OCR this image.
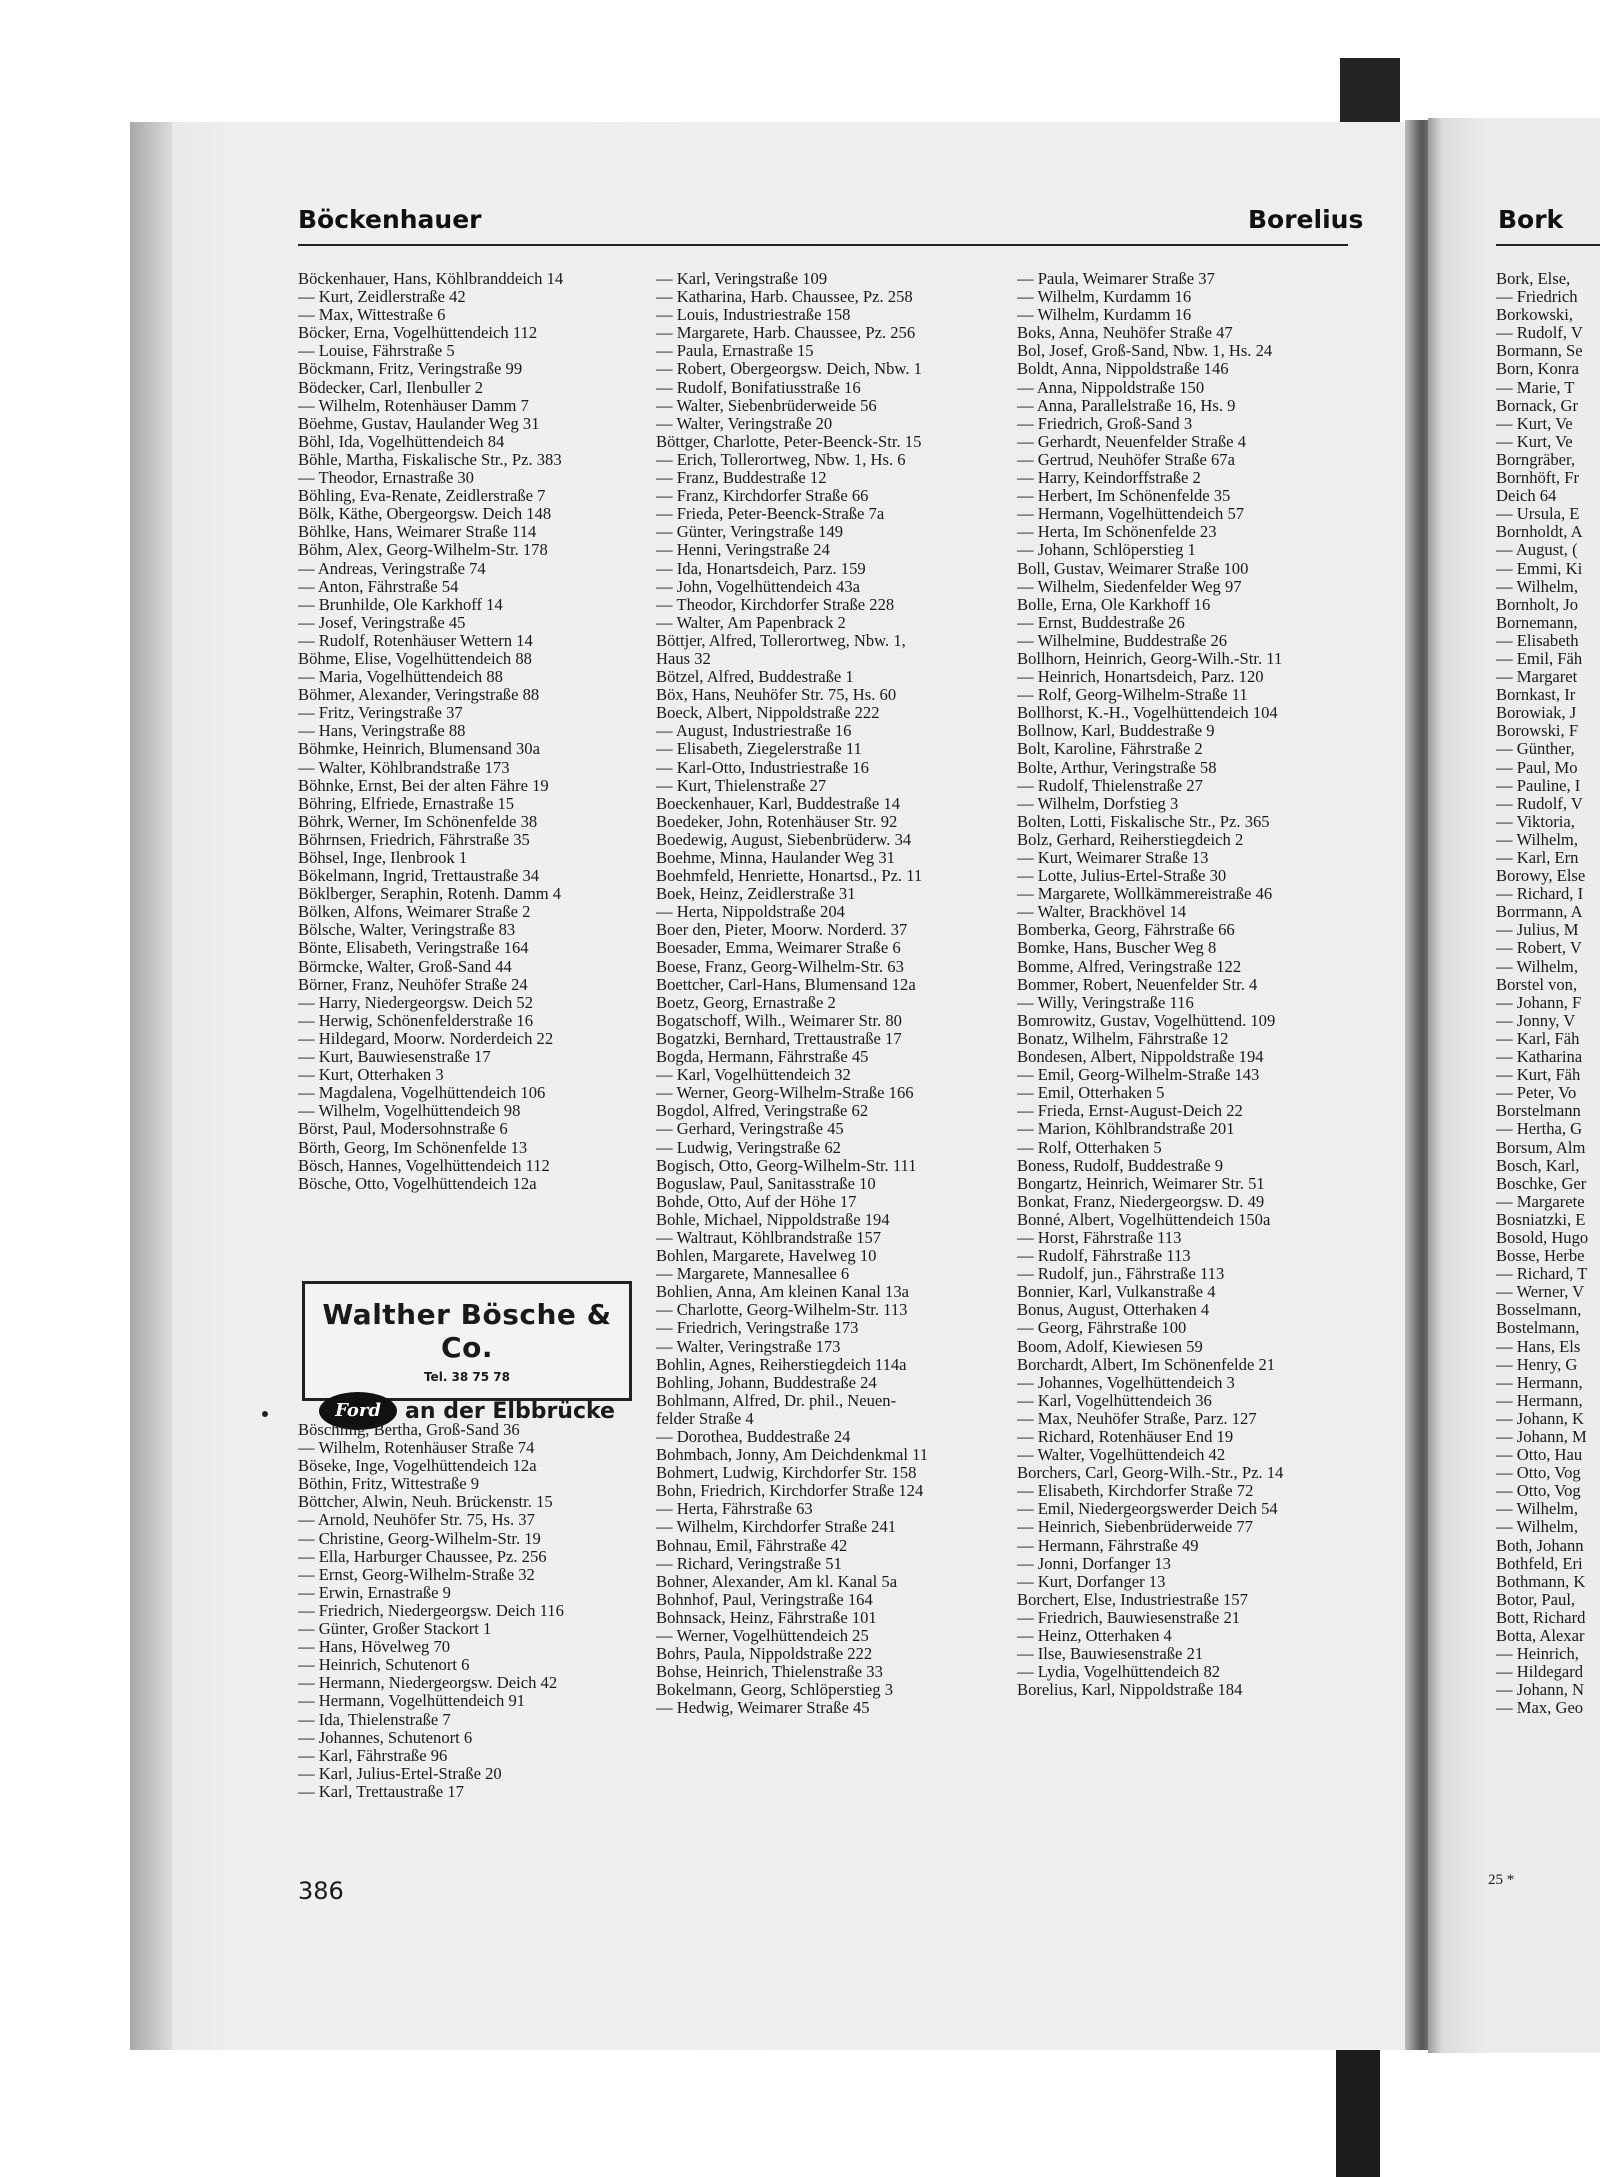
Böckenhauer	Borelius	Bork
Böckenhauer, Hans, Köhlbranddeich 14
— Kurt, Zeidlerstraße 42
— Max, Wittestraße 6
Böcker, Erna, Vogelhüttendeich 112
— Louise, Fährstraße 5
Böckmann, Fritz, Veringstraße 99
Bödecker, Carl, Ilenbuller 2
— Wilhelm, Rotenhäuser Damm 7
Böehme, Gustav, Haulander Weg 31
Böhl, Ida, Vogelhüttendeich 84
Böhle, Martha, Fiskalische Str., Pz. 383
— Theodor, Ernastraße 30
Böhling, Eva-Renate, Zeidlerstraße 7
Bölk, Käthe, Obergeorgsw. Deich 148
Böhlke, Hans, Weimarer Straße 114
Böhm, Alex, Georg-Wilhelm-Str. 178
— Andreas, Veringstraße 74
— Anton, Fährstraße 54
— Brunhilde, Ole Karkhoff 14
— Josef, Veringstraße 45
— Rudolf, Rotenhäuser Wettern 14
Böhme, Elise, Vogelhüttendeich 88
— Maria, Vogelhüttendeich 88
Böhmer, Alexander, Veringstraße 88
— Fritz, Veringstraße 37
— Hans, Veringstraße 88
Böhmke, Heinrich, Blumensand 30a
— Walter, Köhlbrandstraße 173
Böhnke, Ernst, Bei der alten Fähre 19
Böhring, Elfriede, Ernastraße 15
Böhrk, Werner, Im Schönenfelde 38
Böhrnsen, Friedrich, Fährstraße 35
Böhsel, Inge, Ilenbrook 1
Bökelmann, Ingrid, Trettaustraße 34
Böklberger, Seraphin, Rotenh. Damm 4
Bölken, Alfons, Weimarer Straße 2
Bölsche, Walter, Veringstraße 83
Bönte, Elisabeth, Veringstraße 164
Börmcke, Walter, Groß-Sand 44
Börner, Franz, Neuhöfer Straße 24
— Harry, Niedergeorgsw. Deich 52
— Herwig, Schönenfelderstraße 16
— Hildegard, Moorw. Norderdeich 22
— Kurt, Bauwiesenstraße 17
— Kurt, Otterhaken 3
— Magdalena, Vogelhüttendeich 106
— Wilhelm, Vogelhüttendeich 98
Börst, Paul, Modersohnstraße 6
Börth, Georg, Im Schönenfelde 13
Bösch, Hannes, Vogelhüttendeich 112
Bösche, Otto, Vogelhüttendeich 12a
Walther Bösche & Co.
Tel. 38 75 78
Ford	an der Elbbrücke
Böschling, Bertha, Groß-Sand 36
— Wilhelm, Rotenhäuser Straße 74
Böseke, Inge, Vogelhüttendeich 12a
Böthin, Fritz, Wittestraße 9
Böttcher, Alwin, Neuh. Brückenstr. 15
— Arnold, Neuhöfer Str. 75, Hs. 37
— Christine, Georg-Wilhelm-Str. 19
— Ella, Harburger Chaussee, Pz. 256
— Ernst, Georg-Wilhelm-Straße 32
— Erwin, Ernastraße 9
— Friedrich, Niedergeorgsw. Deich 116
— Günter, Großer Stackort 1
— Hans, Hövelweg 70
— Heinrich, Schutenort 6
— Hermann, Niedergeorgsw. Deich 42
— Hermann, Vogelhüttendeich 91
— Ida, Thielenstraße 7
— Johannes, Schutenort 6
— Karl, Fährstraße 96
— Karl, Julius-Ertel-Straße 20
— Karl, Trettaustraße 17
— Karl, Veringstraße 109
— Katharina, Harb. Chaussee, Pz. 258
— Louis, Industriestraße 158
— Margarete, Harb. Chaussee, Pz. 256
— Paula, Ernastraße 15
— Robert, Obergeorgsw. Deich, Nbw. 1
— Rudolf, Bonifatiusstraße 16
— Walter, Siebenbrüderweide 56
— Walter, Veringstraße 20
Böttger, Charlotte, Peter-Beenck-Str. 15
— Erich, Tollerortweg, Nbw. 1, Hs. 6
— Franz, Buddestraße 12
— Franz, Kirchdorfer Straße 66
— Frieda, Peter-Beenck-Straße 7a
— Günter, Veringstraße 149
— Henni, Veringstraße 24
— Ida, Honartsdeich, Parz. 159
— John, Vogelhüttendeich 43a
— Theodor, Kirchdorfer Straße 228
— Walter, Am Papenbrack 2
Böttjer, Alfred, Tollerortweg, Nbw. 1,
Haus 32
Bötzel, Alfred, Buddestraße 1
Böx, Hans, Neuhöfer Str. 75, Hs. 60
Boeck, Albert, Nippoldstraße 222
— August, Industriestraße 16
— Elisabeth, Ziegelerstraße 11
— Karl-Otto, Industriestraße 16
— Kurt, Thielenstraße 27
Boeckenhauer, Karl, Buddestraße 14
Boedeker, John, Rotenhäuser Str. 92
Boedewig, August, Siebenbrüderw. 34
Boehme, Minna, Haulander Weg 31
Boehmfeld, Henriette, Honartsd., Pz. 11
Boek, Heinz, Zeidlerstraße 31
— Herta, Nippoldstraße 204
Boer den, Pieter, Moorw. Norderd. 37
Boesader, Emma, Weimarer Straße 6
Boese, Franz, Georg-Wilhelm-Str. 63
Boettcher, Carl-Hans, Blumensand 12a
Boetz, Georg, Ernastraße 2
Bogatschoff, Wilh., Weimarer Str. 80
Bogatzki, Bernhard, Trettaustraße 17
Bogda, Hermann, Fährstraße 45
— Karl, Vogelhüttendeich 32
— Werner, Georg-Wilhelm-Straße 166
Bogdol, Alfred, Veringstraße 62
— Gerhard, Veringstraße 45
— Ludwig, Veringstraße 62
Bogisch, Otto, Georg-Wilhelm-Str. 111
Boguslaw, Paul, Sanitasstraße 10
Bohde, Otto, Auf der Höhe 17
Bohle, Michael, Nippoldstraße 194
— Waltraut, Köhlbrandstraße 157
Bohlen, Margarete, Havelweg 10
— Margarete, Mannesallee 6
Bohlien, Anna, Am kleinen Kanal 13a
— Charlotte, Georg-Wilhelm-Str. 113
— Friedrich, Veringstraße 173
— Walter, Veringstraße 173
Bohlin, Agnes, Reiherstiegdeich 114a
Bohling, Johann, Buddestraße 24
Bohlmann, Alfred, Dr. phil., Neuen-
felder Straße 4
— Dorothea, Buddestraße 24
Bohmbach, Jonny, Am Deichdenkmal 11
Bohmert, Ludwig, Kirchdorfer Str. 158
Bohn, Friedrich, Kirchdorfer Straße 124
— Herta, Fährstraße 63
— Wilhelm, Kirchdorfer Straße 241
Bohnau, Emil, Fährstraße 42
— Richard, Veringstraße 51
Bohner, Alexander, Am kl. Kanal 5a
Bohnhof, Paul, Veringstraße 164
Bohnsack, Heinz, Fährstraße 101
— Werner, Vogelhüttendeich 25
Bohrs, Paula, Nippoldstraße 222
Bohse, Heinrich, Thielenstraße 33
Bokelmann, Georg, Schlöperstieg 3
— Hedwig, Weimarer Straße 45
— Paula, Weimarer Straße 37
— Wilhelm, Kurdamm 16
— Wilhelm, Kurdamm 16
Boks, Anna, Neuhöfer Straße 47
Bol, Josef, Groß-Sand, Nbw. 1, Hs. 24
Boldt, Anna, Nippoldstraße 146
— Anna, Nippoldstraße 150
— Anna, Parallelstraße 16, Hs. 9
— Friedrich, Groß-Sand 3
— Gerhardt, Neuenfelder Straße 4
— Gertrud, Neuhöfer Straße 67a
— Harry, Keindorffstraße 2
— Herbert, Im Schönenfelde 35
— Hermann, Vogelhüttendeich 57
— Herta, Im Schönenfelde 23
— Johann, Schlöperstieg 1
Boll, Gustav, Weimarer Straße 100
— Wilhelm, Siedenfelder Weg 97
Bolle, Erna, Ole Karkhoff 16
— Ernst, Buddestraße 26
— Wilhelmine, Buddestraße 26
Bollhorn, Heinrich, Georg-Wilh.-Str. 11
— Heinrich, Honartsdeich, Parz. 120
— Rolf, Georg-Wilhelm-Straße 11
Bollhorst, K.-H., Vogelhüttendeich 104
Bollnow, Karl, Buddestraße 9
Bolt, Karoline, Fährstraße 2
Bolte, Arthur, Veringstraße 58
— Rudolf, Thielenstraße 27
— Wilhelm, Dorfstieg 3
Bolten, Lotti, Fiskalische Str., Pz. 365
Bolz, Gerhard, Reiherstiegdeich 2
— Kurt, Weimarer Straße 13
— Lotte, Julius-Ertel-Straße 30
— Margarete, Wollkämmereistraße 46
— Walter, Brackhövel 14
Bomberka, Georg, Fährstraße 66
Bomke, Hans, Buscher Weg 8
Bomme, Alfred, Veringstraße 122
Bommer, Robert, Neuenfelder Str. 4
— Willy, Veringstraße 116
Bomrowitz, Gustav, Vogelhüttend. 109
Bonatz, Wilhelm, Fährstraße 12
Bondesen, Albert, Nippoldstraße 194
— Emil, Georg-Wilhelm-Straße 143
— Emil, Otterhaken 5
— Frieda, Ernst-August-Deich 22
— Marion, Köhlbrandstraße 201
— Rolf, Otterhaken 5
Boness, Rudolf, Buddestraße 9
Bongartz, Heinrich, Weimarer Str. 51
Bonkat, Franz, Niedergeorgsw. D. 49
Bonné, Albert, Vogelhüttendeich 150a
— Horst, Fährstraße 113
— Rudolf, Fährstraße 113
— Rudolf, jun., Fährstraße 113
Bonnier, Karl, Vulkanstraße 4
Bonus, August, Otterhaken 4
— Georg, Fährstraße 100
Boom, Adolf, Kiewiesen 59
Borchardt, Albert, Im Schönenfelde 21
— Johannes, Vogelhüttendeich 3
— Karl, Vogelhüttendeich 36
— Max, Neuhöfer Straße, Parz. 127
— Richard, Rotenhäuser End 19
— Walter, Vogelhüttendeich 42
Borchers, Carl, Georg-Wilh.-Str., Pz. 14
— Elisabeth, Kirchdorfer Straße 72
— Emil, Niedergeorgswerder Deich 54
— Heinrich, Siebenbrüderweide 77
— Hermann, Fährstraße 49
— Jonni, Dorfanger 13
— Kurt, Dorfanger 13
Borchert, Else, Industriestraße 157
— Friedrich, Bauwiesenstraße 21
— Heinz, Otterhaken 4
— Ilse, Bauwiesenstraße 21
— Lydia, Vogelhüttendeich 82
Borelius, Karl, Nippoldstraße 184
Bork, Else,
— Friedrich
Borkowski,
— Rudolf, V
Bormann, Se
Born, Konra
— Marie, T
Bornack, Gr
— Kurt, Ve
— Kurt, Ve
Borngräber,
Bornhöft, Fr
Deich 64
— Ursula, E
Bornholdt, A
— August, (
— Emmi, Ki
— Wilhelm,
Bornholt, Jo
Bornemann,
— Elisabeth
— Emil, Fäh
— Margaret
Bornkast, Ir
Borowiak, J
Borowski, F
— Günther,
— Paul, Mo
— Pauline, I
— Rudolf, V
— Viktoria,
— Wilhelm,
— Karl, Ern
Borowy, Else
— Richard, I
Borrmann, A
— Julius, M
— Robert, V
— Wilhelm,
Borstel von,
— Johann, F
— Jonny, V
— Karl, Fäh
— Katharina
— Kurt, Fäh
— Peter, Vo
Borstelmann
— Hertha, G
Borsum, Alm
Bosch, Karl,
Boschke, Ger
— Margarete
Bosniatzki, E
Bosold, Hugo
Bosse, Herbe
— Richard, T
— Werner, V
Bosselmann,
Bostelmann,
— Hans, Els
— Henry, G
— Hermann,
— Hermann,
— Johann, K
— Johann, M
— Otto, Hau
— Otto, Vog
— Otto, Vog
— Wilhelm,
— Wilhelm,
Both, Johann
Bothfeld, Eri
Bothmann, K
Botor, Paul,
Bott, Richard
Botta, Alexar
— Heinrich,
— Hildegard
— Johann, N
— Max, Geo
386	25 *
